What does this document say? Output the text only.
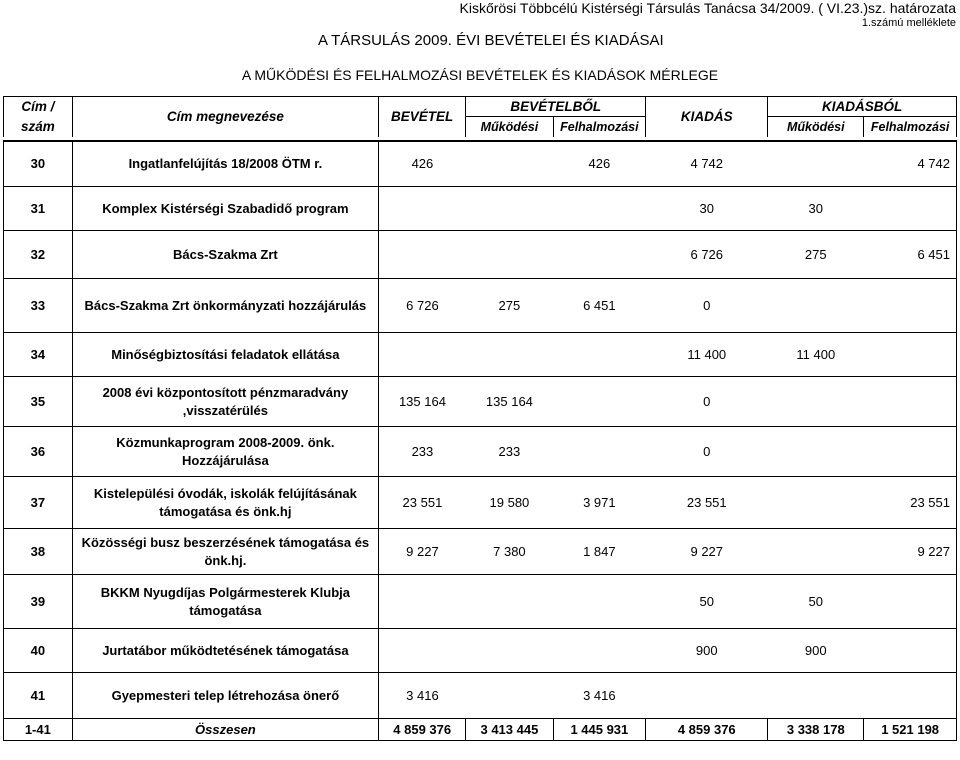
Kiskőrösi Többcélú Kistérségi Társulás Tanácsa 34/2009. ( VI.23.)sz. határozata
1.számú melléklete
A TÁRSULÁS 2009. ÉVI BEVÉTELEI ÉS KIADÁSAI
A MŰKÖDÉSI ÉS FELHALMOZÁSI BEVÉTELEK ÉS KIADÁSOK MÉRLEGE
Cím /	Cím megnevezése	BEVÉTEL	BEVÉTELBŐL		KIADÁS	KIADÁSBÓL	
szám			Működési	Felhalmozási		Működési	Felhalmozási

30	Ingatlanfelújítás 18/2008 ÖTM r.	426		426	4 742		4 742
31	Komplex Kistérségi Szabadidő program				30	30	
32	Bács-Szakma Zrt				6 726	275	6 451
33	Bács-Szakma Zrt önkormányzati hozzájárulás	6 726	275	6 451	0		
34	Minőségbiztosítási feladatok ellátása				11 400	11 400	
35	2008 évi központosított pénzmaradvány ,visszatérülés	135 164	135 164		0		
36	Közmunkaprogram 2008-2009. önk. Hozzájárulása	233	233		0		
37	Kistelepülési óvodák, iskolák felújításának támogatása és önk.hj	23 551	19 580	3 971	23 551		23 551
38	Közösségi busz beszerzésének támogatása és önk.hj.	9 227	7 380	1 847	9 227		9 227
39	BKKM Nyugdíjas Polgármesterek Klubja támogatása				50	50	
40	Jurtatábor működtetésének támogatása				900	900	
41	Gyepmesteri telep létrehozása önerő	3 416		3 416			
1-41	Összesen	4 859 376	3 413 445	1 445 931	4 859 376	3 338 178	1 521 198
